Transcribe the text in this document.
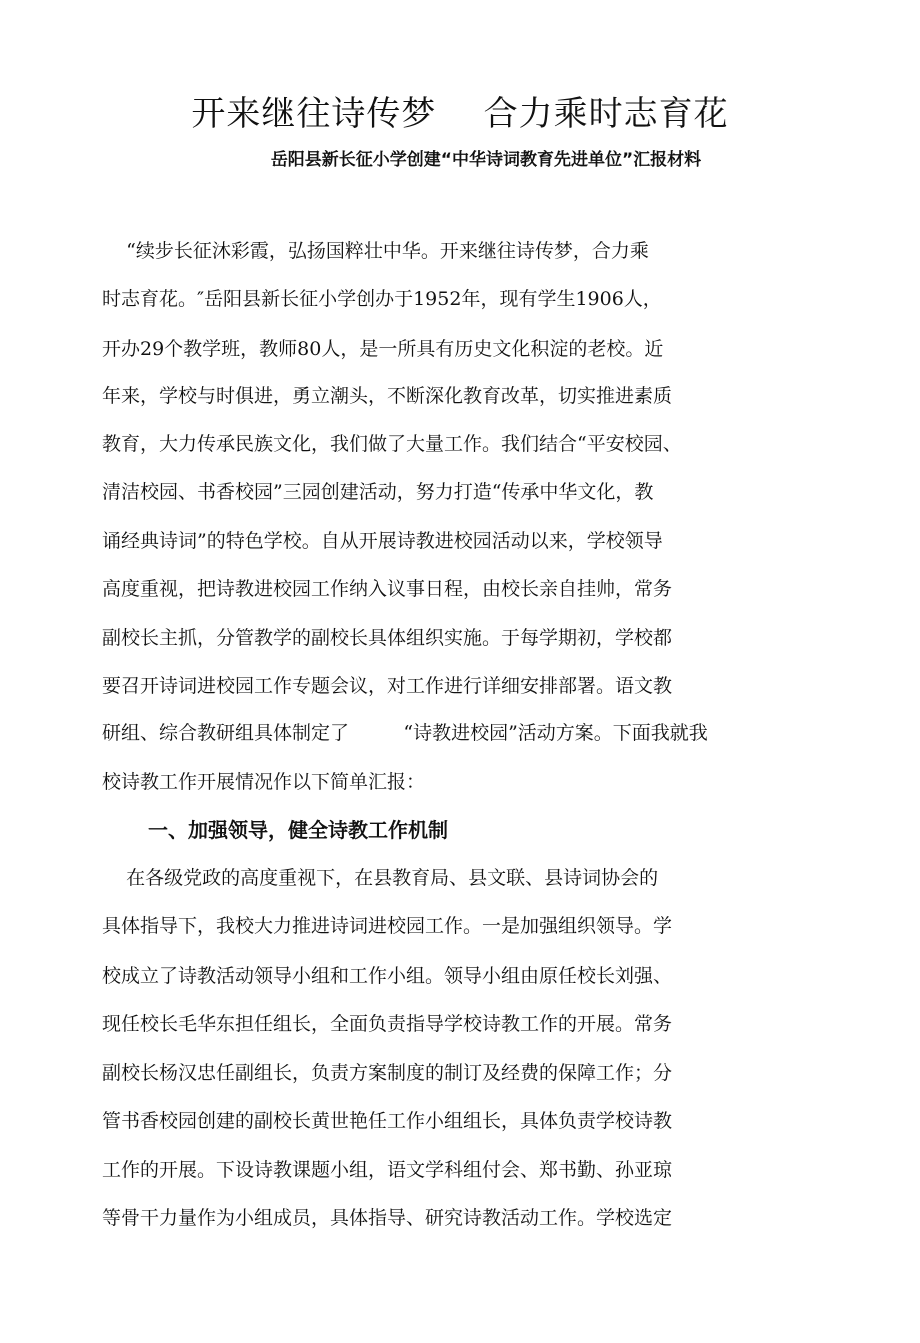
开来继往诗传梦    合力乘时志育花
岳阳县新长征小学创建“中华诗词教育先进单位”汇报材料
“续步长征沐彩霞，弘扬国粹壮中华。开来继往诗传梦，合力乘
时志育花。″岳阳县新长征小学创办于1952年，现有学生1906人，
开办29个教学班，教师80人，是一所具有历史文化积淀的老校。近
年来，学校与时俱进，勇立潮头，不断深化教育改革，切实推进素质
教育，大力传承民族文化，我们做了大量工作。我们结合“平安校园、
清洁校园、书香校园”三园创建活动，努力打造“传承中华文化，教
诵经典诗词”的特色学校。自从开展诗教进校园活动以来，学校领导
高度重视，把诗教进校园工作纳入议事日程，由校长亲自挂帅，常务
副校长主抓，分管教学的副校长具体组织实施。于每学期初，学校都
要召开诗词进校园工作专题会议，对工作进行详细安排部署。语文教
研组、综合教研组具体制定了         “诗教进校园”活动方案。下面我就我
校诗教工作开展情况作以下简单汇报：
一、加强领导，健全诗教工作机制
在各级党政的高度重视下，在县教育局、县文联、县诗词协会的
具体指导下，我校大力推进诗词进校园工作。一是加强组织领导。学
校成立了诗教活动领导小组和工作小组。领导小组由原任校长刘强、
现任校长毛华东担任组长，全面负责指导学校诗教工作的开展。常务
副校长杨汉忠任副组长，负责方案制度的制订及经费的保障工作；分
管书香校园创建的副校长黄世艳任工作小组组长，具体负责学校诗教
工作的开展。下设诗教课题小组，语文学科组付会、郑书勤、孙亚琼
等骨干力量作为小组成员，具体指导、研究诗教活动工作。学校选定
